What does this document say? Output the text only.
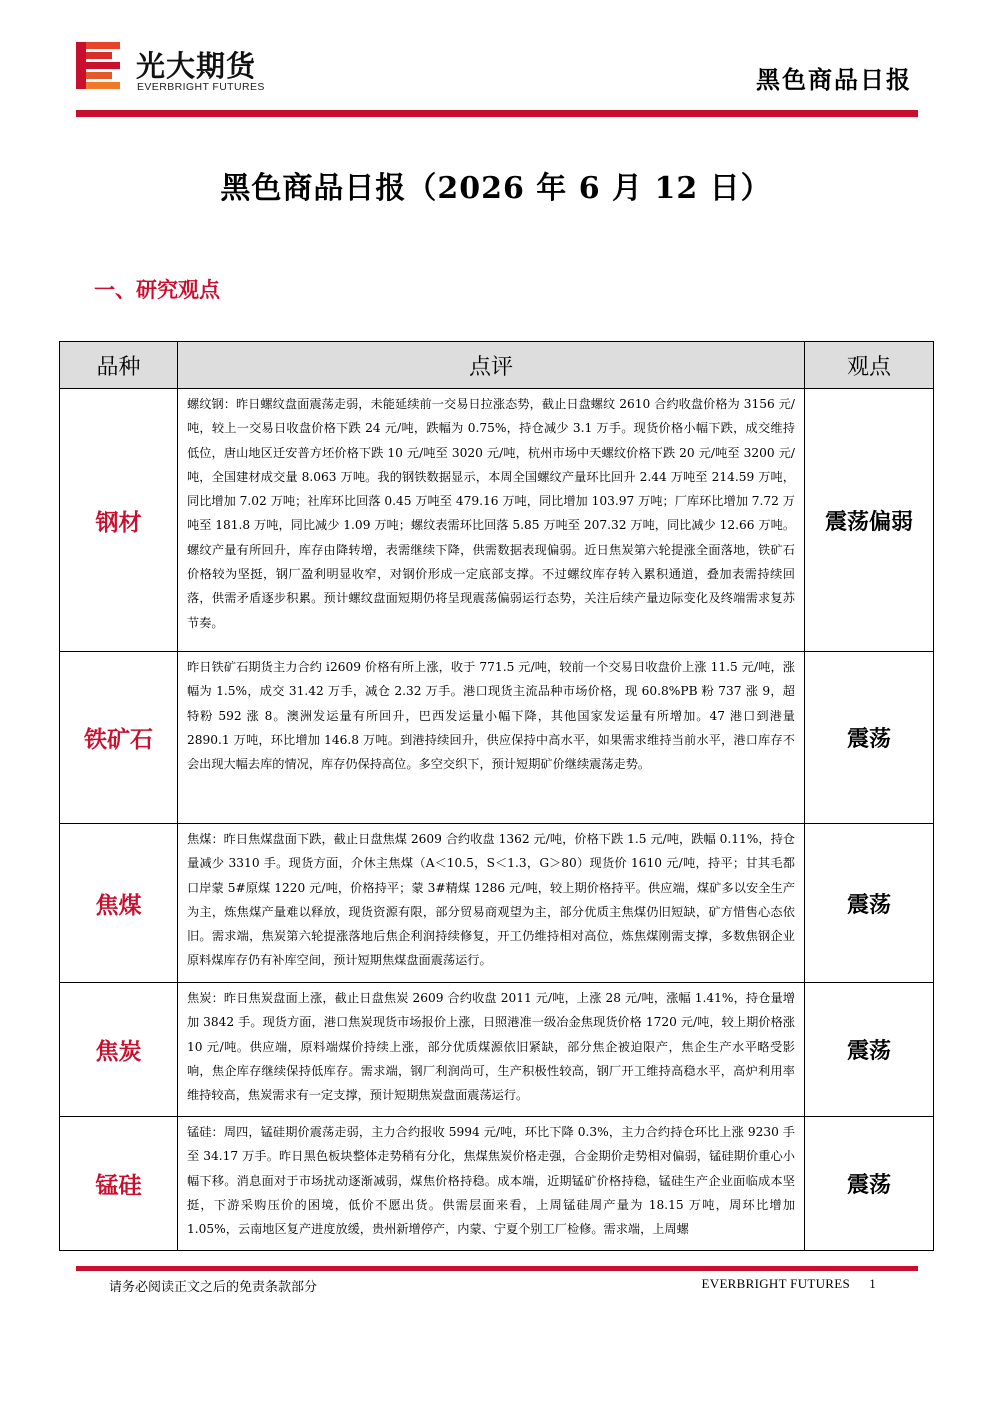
光大期货
EVERBRIGHT FUTURES	黑色商品日报
黑色商品日报（2026 年 6 月 12 日）
一、研究观点
品种	点评	观点
钢材	螺纹钢：昨日螺纹盘面震荡走弱，未能延续前一交易日拉涨态势，截止日盘螺纹 2610 合约收盘价格为 3156 元/吨，较上一交易日收盘价格下跌 24 元/吨，跌幅为 0.75%，持仓减少 3.1 万手。现货价格小幅下跌，成交维持低位，唐山地区迁安普方坯价格下跌 10 元/吨至 3020 元/吨，杭州市场中天螺纹价格下跌 20 元/吨至 3200 元/吨，全国建材成交量 8.063 万吨。我的钢铁数据显示，本周全国螺纹产量环比回升 2.44 万吨至 214.59 万吨，同比增加 7.02 万吨；社库环比回落 0.45 万吨至 479.16 万吨，同比增加 103.97 万吨；厂库环比增加 7.72 万吨至 181.8 万吨，同比减少 1.09 万吨；螺纹表需环比回落 5.85 万吨至 207.32 万吨，同比减少 12.66 万吨。螺纹产量有所回升，库存由降转增，表需继续下降，供需数据表现偏弱。近日焦炭第六轮提涨全面落地，铁矿石价格较为坚挺，钢厂盈利明显收窄，对钢价形成一定底部支撑。不过螺纹库存转入累积通道，叠加表需持续回落，供需矛盾逐步积累。预计螺纹盘面短期仍将呈现震荡偏弱运行态势，关注后续产量边际变化及终端需求复苏节奏。	震荡偏弱
铁矿石	昨日铁矿石期货主力合约 i2609 价格有所上涨，收于 771.5 元/吨，较前一个交易日收盘价上涨 11.5 元/吨，涨幅为 1.5%，成交 31.42 万手，减仓 2.32 万手。港口现货主流品种市场价格，现 60.8%PB 粉 737 涨 9，超特粉 592 涨 8。澳洲发运量有所回升，巴西发运量小幅下降，其他国家发运量有所增加。47 港口到港量 2890.1 万吨，环比增加 146.8 万吨。到港持续回升，供应保持中高水平，如果需求维持当前水平，港口库存不会出现大幅去库的情况，库存仍保持高位。多空交织下，预计短期矿价继续震荡走势。	震荡
焦煤	焦煤：昨日焦煤盘面下跌，截止日盘焦煤 2609 合约收盘 1362 元/吨，价格下跌 1.5 元/吨，跌幅 0.11%，持仓量减少 3310 手。现货方面，介休主焦煤（A＜10.5，S＜1.3，G＞80）现货价 1610 元/吨，持平；甘其毛都口岸蒙 5#原煤 1220 元/吨，价格持平；蒙 3#精煤 1286 元/吨，较上期价格持平。供应端，煤矿多以安全生产为主，炼焦煤产量难以释放，现货资源有限，部分贸易商观望为主，部分优质主焦煤仍旧短缺，矿方惜售心态依旧。需求端，焦炭第六轮提涨落地后焦企利润持续修复，开工仍维持相对高位，炼焦煤刚需支撑，多数焦钢企业原料煤库存仍有补库空间，预计短期焦煤盘面震荡运行。	震荡
焦炭	焦炭：昨日焦炭盘面上涨，截止日盘焦炭 2609 合约收盘 2011 元/吨，上涨 28 元/吨，涨幅 1.41%，持仓量增加 3842 手。现货方面，港口焦炭现货市场报价上涨，日照港准一级冶金焦现货价格 1720 元/吨，较上期价格涨 10 元/吨。供应端，原料端煤价持续上涨，部分优质煤源依旧紧缺，部分焦企被迫限产，焦企生产水平略受影响，焦企库存继续保持低库存。需求端，钢厂利润尚可，生产积极性较高，钢厂开工维持高稳水平，高炉利用率维持较高，焦炭需求有一定支撑，预计短期焦炭盘面震荡运行。	震荡
锰硅	锰硅：周四，锰硅期价震荡走弱，主力合约报收 5994 元/吨，环比下降 0.3%，主力合约持仓环比上涨 9230 手至 34.17 万手。昨日黑色板块整体走势稍有分化，焦煤焦炭价格走强，合金期价走势相对偏弱，锰硅期价重心小幅下移。消息面对于市场扰动逐渐减弱，煤焦价格持稳。成本端，近期锰矿价格持稳，锰硅生产企业面临成本坚挺，下游采购压价的困境，低价不愿出货。供需层面来看，上周锰硅周产量为 18.15 万吨，周环比增加 1.05%，云南地区复产进度放缓，贵州新增停产，内蒙、宁夏个别工厂检修。需求端，上周螺	震荡
请务必阅读正文之后的免责条款部分	EVERBRIGHT FUTURES 1
